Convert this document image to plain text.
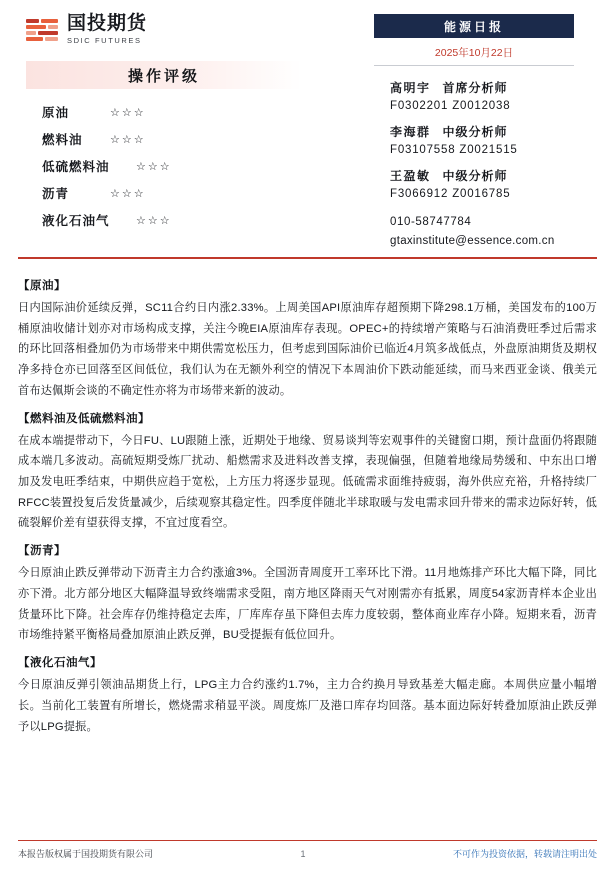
国投期货
SDIC FUTURES
操作评级
原油	☆☆☆
燃料油	☆☆☆
低硫燃料油	☆☆☆
沥青	☆☆☆
液化石油气	☆☆☆
能源日报
2025年10月22日
高明宇 首席分析师
F0302201 Z0012038
李海群 中级分析师
F03107558 Z0021515
王盈敏 中级分析师
F3066912 Z0016785
010-58747784
gtaxinstitute@essence.com.cn
【原油】
日内国际油价延续反弹，SC11合约日内涨2.33%。上周美国API原油库存超预期下降298.1万桶，美国发布的100万桶原油收储计划亦对市场构成支撑，关注今晚EIA原油库存表现。OPEC+的持续增产策略与石油消费旺季过后需求的环比回落相叠加仍为市场带来中期供需宽松压力，但考虑到国际油价已临近4月筑多战低点，外盘原油期货及期权净多持仓亦已回落至区间低位，我们认为在无额外利空的情况下本周油价下跌动能延续，而马来西亚金谈、俄美元首布达佩斯会谈的不确定性亦将为市场带来新的波动。
【燃料油及低硫燃料油】
在成本端提带动下，今日FU、LU跟随上涨，近期处于地缘、贸易谈判等宏观事件的关键窗口期，预计盘面仍将跟随成本端几多波动。高硫短期受炼厂扰动、船燃需求及进料改善支撑，表现偏强，但随着地缘局势缓和、中东出口增加及发电旺季结束，中期供应趋于宽松，上方压力将逐步显现。低硫需求面维持疲弱，海外供应充裕，升格持续厂RFCC装置投复后发货量减少，后续观察其稳定性。四季度伴随北半球取暖与发电需求回升带来的需求边际好转，低硫裂解价差有望获得支撑，不宜过度看空。
【沥青】
今日原油止跌反弹带动下沥青主力合约涨逾3%。全国沥青周度开工率环比下滑。11月地炼排产环比大幅下降，同比亦下滑。北方部分地区大幅降温导致终端需求受阻，南方地区降雨天气对刚需亦有抵累，周度54家沥青样本企业出货量环比下降。社会库存仍维持稳定去库，厂库库存虽下降但去库力度较弱，整体商业库存小降。短期来看，沥青市场维持紧平衡格局叠加原油止跌反弹，BU受提振有低位回升。
【液化石油气】
今日原油反弹引领油品期货上行，LPG主力合约涨约1.7%，主力合约换月导致基差大幅走廊。本周供应量小幅增长。当前化工装置有所增长，燃烧需求稍显平淡。周度炼厂及港口库存均回落。基本面边际好转叠加原油止跌反弹予以LPG提振。
本报告版权属于国投期货有限公司	1	不可作为投资依据，转载请注明出处
